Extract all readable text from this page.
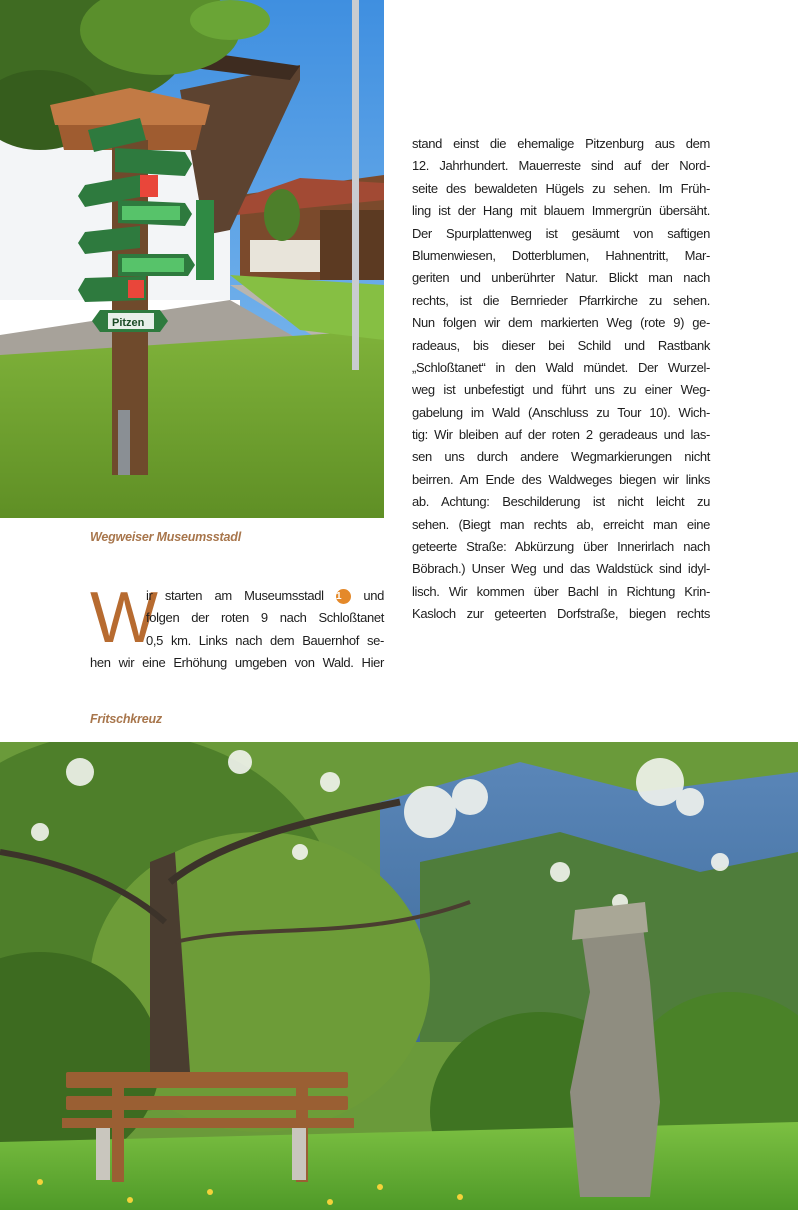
Pitzen
Wegweiser Museumsstadl
W
ir starten am Museumsstadl 1 und
folgen der roten 9 nach Schloßtanet
0,5 km. Links nach dem Bauernhof se-
hen wir eine Erhöhung umgeben von Wald. Hier
stand einst die ehemalige Pitzenburg aus dem
12. Jahrhundert. Mauerreste sind auf der Nord-
seite des bewaldeten Hügels zu sehen. Im Früh-
ling ist der Hang mit blauem Immergrün übersäht.
Der Spurplattenweg ist gesäumt von saftigen
Blumenwiesen, Dotterblumen, Hahnentritt, Mar-
geriten und unberührter Natur. Blickt man nach
rechts, ist die Bernrieder Pfarrkirche zu sehen.
Nun folgen wir dem markierten Weg (rote 9) ge-
radeaus, bis dieser bei Schild und Rastbank
„Schloßtanet“ in den Wald mündet. Der Wurzel-
weg ist unbefestigt und führt uns zu einer Weg-
gabelung im Wald (Anschluss zu Tour 10). Wich-
tig: Wir bleiben auf der roten 2 geradeaus und las-
sen uns durch andere Wegmarkierungen nicht
beirren. Am Ende des Waldweges biegen wir links
ab. Achtung: Beschilderung ist nicht leicht zu
sehen. (Biegt man rechts ab, erreicht man eine
geteerte Straße: Abkürzung über Innerirlach nach
Böbrach.) Unser Weg und das Waldstück sind idyl-
lisch. Wir kommen über Bachl in Richtung Krin-
Kasloch zur geteerten Dorfstraße, biegen rechts
Fritschkreuz
